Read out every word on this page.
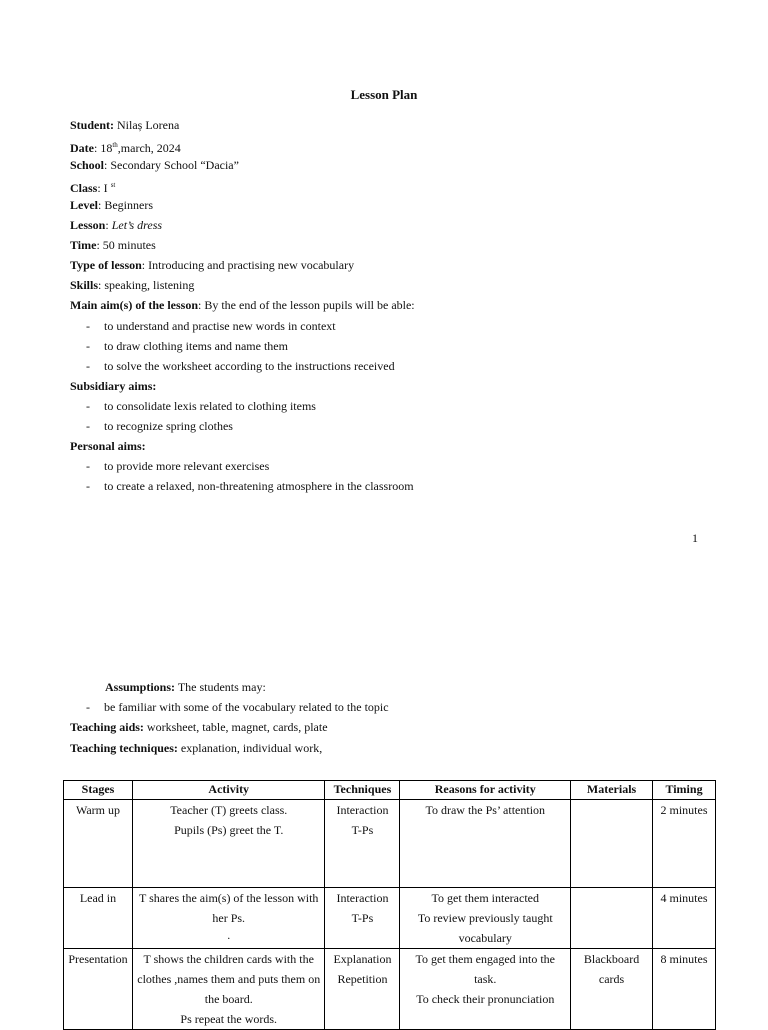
Lesson Plan
Student: Nilaș Lorena
Date: 18th,march, 2024
School: Secondary School “Dacia”
Class: I $^{st}$
Level: Beginners
Lesson: Let’s dress
Time: 50 minutes
Type of lesson: Introducing and practising new vocabulary
Skills: speaking, listening
Main aim(s) of the lesson: By the end of the lesson pupils will be able:
- to understand and practise new words in context
- to draw clothing items and name them
- to solve the worksheet according to the instructions received
Subsidiary aims:
- to consolidate lexis related to clothing items
- to recognize spring clothes
Personal aims:
- to provide more relevant exercises
- to create a relaxed, non-threatening atmosphere in the classroom
1
Assumptions: The students may:
- be familiar with some of the vocabulary related to the topic
Teaching aids: worksheet, table, magnet, cards, plate
Teaching techniques: explanation, individual work,
Stages	Activity	Techniques	Reasons for activity	Materials	Timing
Warm up	Teacher (T) greets class.
Pupils (Ps) greet the T.	Interaction
T-Ps	To draw the Ps’ attention		2 minutes
Lead in	T shares the aim(s) of the lesson with
her Ps.
.	Interaction
T-Ps	To get them interacted
To review previously taught
vocabulary		4 minutes
Presentation	T shows the children cards with the
clothes ,names them and puts them on
the board.
Ps repeat the words.	Explanation
Repetition	To get them engaged into the task.
To check their pronunciation	Blackboard
cards	8 minutes
